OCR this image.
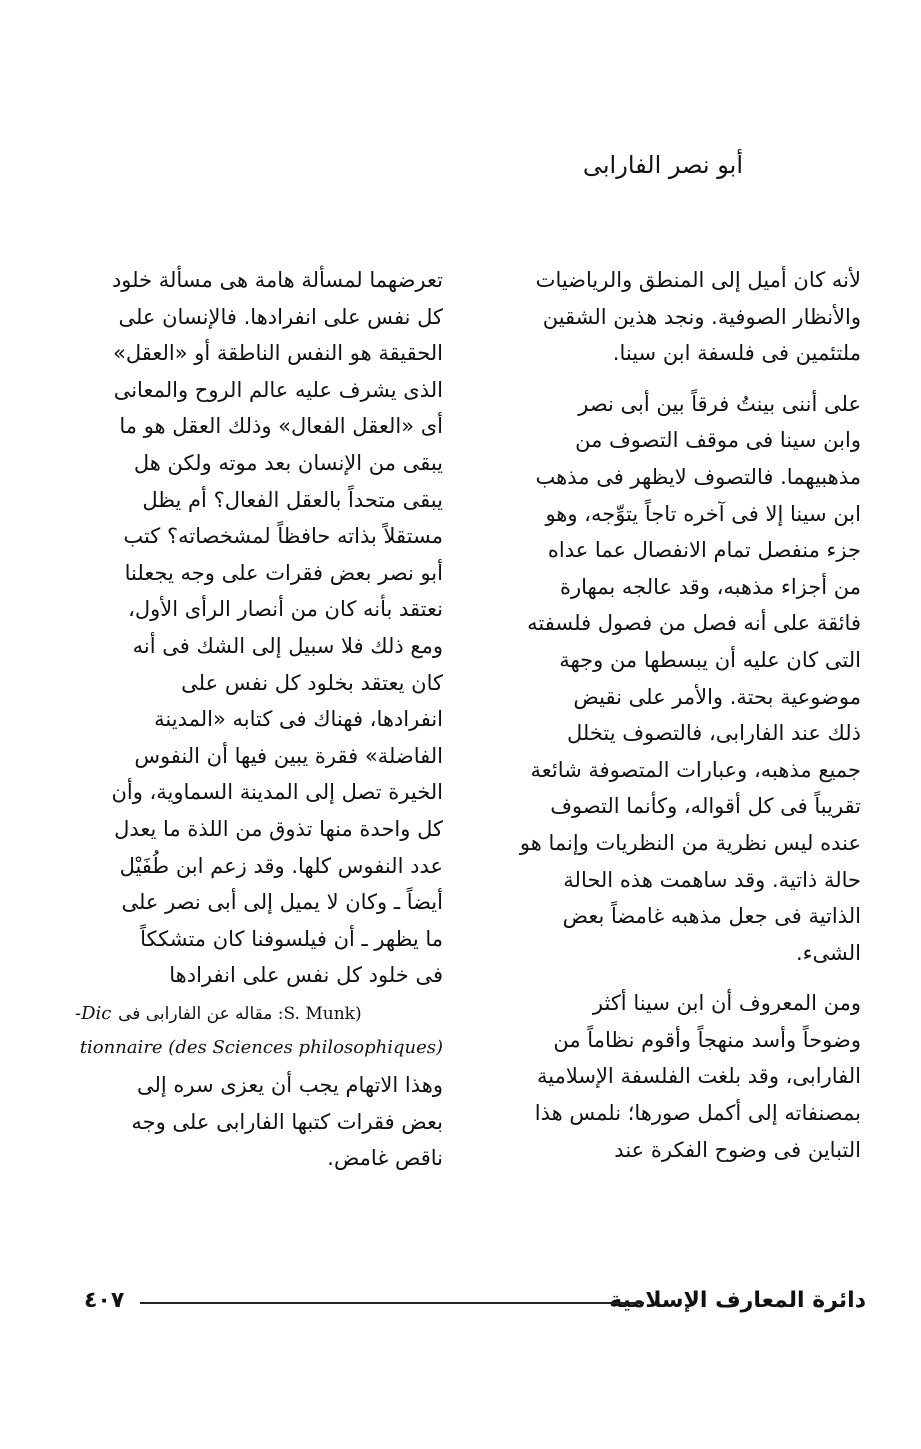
أبو نصر الفارابى
لأنه كان أميل إلى المنطق والرياضيات
والأنظار الصوفية. ونجد هذين الشقين
ملتئمين فى فلسفة ابن سينا.
على أننى بينتُ فرقاً بين أبى نصر
وابن سينا فى موقف التصوف من
مذهبيهما. فالتصوف لايظهر فى مذهب
ابن سينا إلا فى آخره تاجاً يتوِّجه، وهو
جزء منفصل تمام الانفصال عما عداه
من أجزاء مذهبه، وقد عالجه بمهارة
فائقة على أنه فصل من فصول فلسفته
التى كان عليه أن يبسطها من وجهة
موضوعية بحتة. والأمر على نقيض
ذلك عند الفارابى، فالتصوف يتخلل
جميع مذهبه، وعبارات المتصوفة شائعة
تقريباً فى كل أقواله، وكأنما التصوف
عنده ليس نظرية من النظريات وإنما هو
حالة ذاتية. وقد ساهمت هذه الحالة
الذاتية فى جعل مذهبه غامضاً بعض
الشىء.
ومن المعروف أن ابن سينا أكثر
وضوحاً وأسد منهجاً وأقوم نظاماً من
الفارابى، وقد بلغت الفلسفة الإسلامية
بمصنفاته إلى أكمل صورها؛ نلمس هذا
التباين فى وضوح الفكرة عند
تعرضهما لمسألة هامة هى مسألة خلود
كل نفس على انفرادها. فالإنسان على
الحقيقة هو النفس الناطقة أو «العقل»
الذى يشرف عليه عالم الروح والمعانى
أى «العقل الفعال» وذلك العقل هو ما
يبقى من الإنسان بعد موته ولكن هل
يبقى متحداً بالعقل الفعال؟ أم يظل
مستقلاً بذاته حافظاً لمشخصاته؟ كتب
أبو نصر بعض فقرات على وجه يجعلنا
نعتقد بأنه كان من أنصار الرأى الأول،
ومع ذلك فلا سبيل إلى الشك فى أنه
كان يعتقد بخلود كل نفس على
انفرادها، فهناك فى كتابه «المدينة
الفاضلة» فقرة يبين فيها أن النفوس
الخيرة تصل إلى المدينة السماوية، وأن
كل واحدة منها تذوق من اللذة ما يعدل
عدد النفوس كلها. وقد زعم ابن طُفَيْل
أيضاً ـ وكان لا يميل إلى أبى نصر على
ما يظهر ـ أن فيلسوفنا كان متشككاً
فى خلود كل نفس على انفرادها
(S. Munk: مقاله عن الفارابى فى Dic-
tionnaire (des Sciences philosophiques)
وهذا الاتهام يجب أن يعزى سره إلى
بعض فقرات كتبها الفارابى على وجه
ناقص غامض.
دائرة المعارف الإسلامية
٤٠٧
